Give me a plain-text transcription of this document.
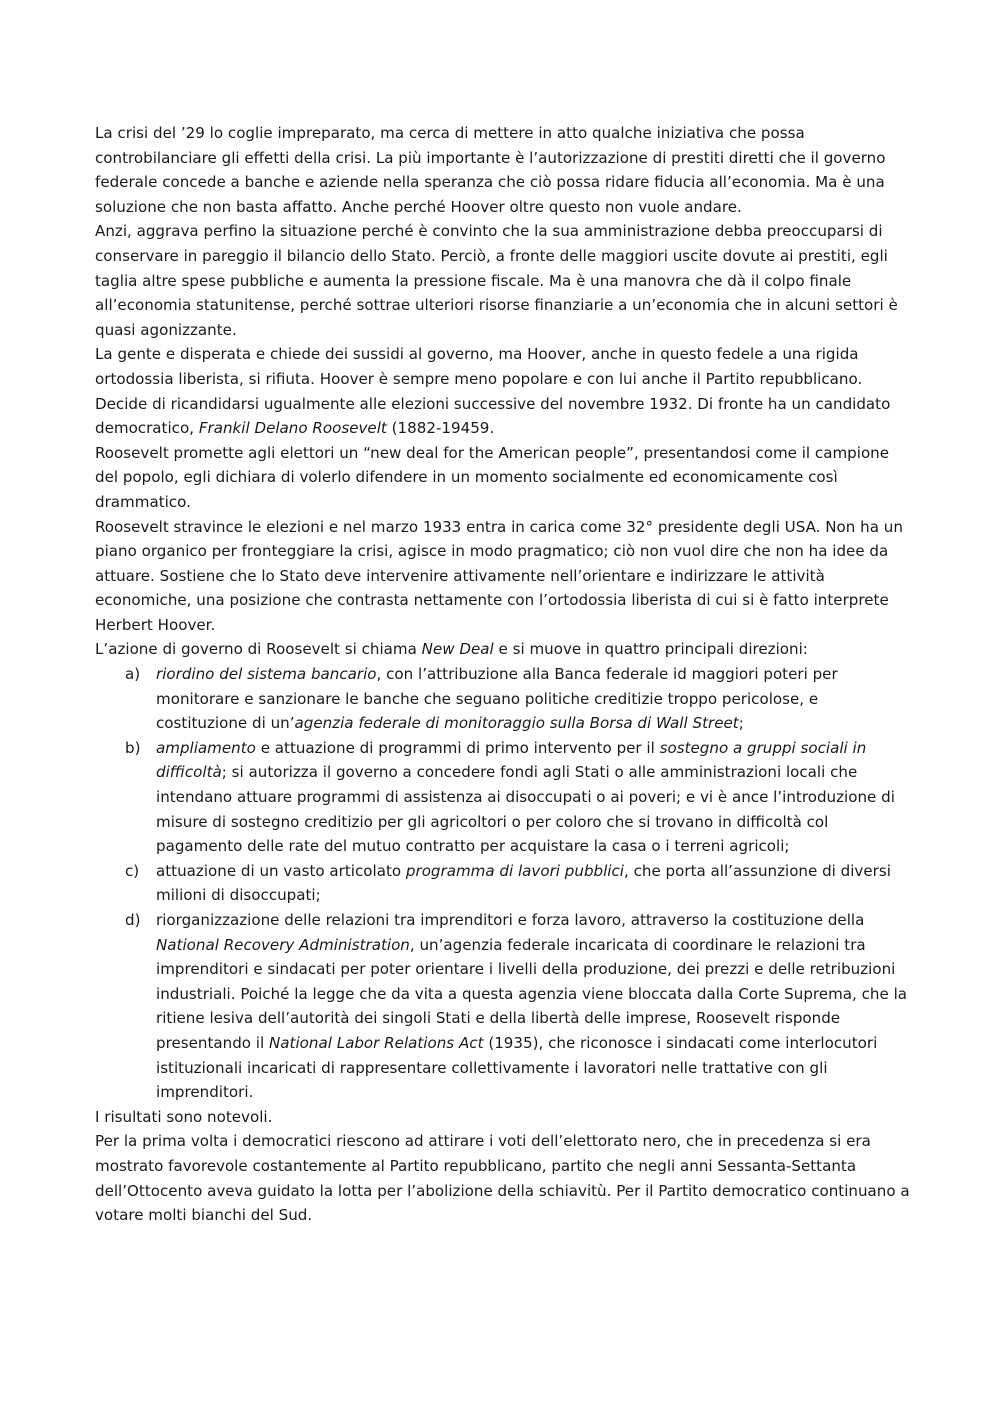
La crisi del ’29 lo coglie impreparato, ma cerca di mettere in atto qualche iniziativa che possa controbilanciare gli effetti della crisi. La più importante è l’autorizzazione di prestiti diretti che il governo federale concede a banche e aziende nella speranza che ciò possa ridare fiducia all’economia. Ma è una soluzione che non basta affatto. Anche perché Hoover oltre questo non vuole andare.

Anzi, aggrava perfino la situazione perché è convinto che la sua amministrazione debba preoccuparsi di conservare in pareggio il bilancio dello Stato. Perciò, a fronte delle maggiori uscite dovute ai prestiti, egli taglia altre spese pubbliche e aumenta la pressione fiscale. Ma è una manovra che dà il colpo finale all’economia statunitense, perché sottrae ulteriori risorse finanziarie a un’economia che in alcuni settori è quasi agonizzante.

La gente e disperata e chiede dei sussidi al governo, ma Hoover, anche in questo fedele a una rigida ortodossia liberista, si rifiuta. Hoover è sempre meno popolare e con lui anche il Partito repubblicano. Decide di ricandidarsi ugualmente alle elezioni successive del novembre 1932. Di fronte ha un candidato democratico, Frankil Delano Roosevelt (1882-19459.

Roosevelt promette agli elettori un “new deal for the American people”, presentandosi come il campione del popolo, egli dichiara di volerlo difendere in un momento socialmente ed economicamente così drammatico.

Roosevelt stravince le elezioni e nel marzo 1933 entra in carica come 32° presidente degli USA. Non ha un piano organico per fronteggiare la crisi, agisce in modo pragmatico; ciò non vuol dire che non ha idee da attuare. Sostiene che lo Stato deve intervenire attivamente nell’orientare e indirizzare le attività economiche, una posizione che contrasta nettamente con l’ortodossia liberista di cui si è fatto interprete Herbert Hoover.

L’azione di governo di Roosevelt si chiama New Deal e si muove in quattro principali direzioni:

a) riordino del sistema bancario, con l’attribuzione alla Banca federale id maggiori poteri per monitorare e sanzionare le banche che seguano politiche creditizie troppo pericolose, e costituzione di un’agenzia federale di monitoraggio sulla Borsa di Wall Street;
b) ampliamento e attuazione di programmi di primo intervento per il sostegno a gruppi sociali in difficoltà; si autorizza il governo a concedere fondi agli Stati o alle amministrazioni locali che intendano attuare programmi di assistenza ai disoccupati o ai poveri; e vi è ance l’introduzione di misure di sostegno creditizio per gli agricoltori o per coloro che si trovano in difficoltà col pagamento delle rate del mutuo contratto per acquistare la casa o i terreni agricoli;
c) attuazione di un vasto articolato programma di lavori pubblici, che porta all’assunzione di diversi milioni di disoccupati;
d) riorganizzazione delle relazioni tra imprenditori e forza lavoro, attraverso la costituzione della National Recovery Administration, un’agenzia federale incaricata di coordinare le relazioni tra imprenditori e sindacati per poter orientare i livelli della produzione, dei prezzi e delle retribuzioni industriali. Poiché la legge che da vita a questa agenzia viene bloccata dalla Corte Suprema, che la ritiene lesiva dell’autorità dei singoli Stati e della libertà delle imprese, Roosevelt risponde presentando il National Labor Relations Act (1935), che riconosce i sindacati come interlocutori istituzionali incaricati di rappresentare collettivamente i lavoratori nelle trattative con gli imprenditori.

I risultati sono notevoli.

Per la prima volta i democratici riescono ad attirare i voti dell’elettorato nero, che in precedenza si era mostrato favorevole costantemente al Partito repubblicano, partito che negli anni Sessanta-Settanta dell’Ottocento aveva guidato la lotta per l’abolizione della schiavitù. Per il Partito democratico continuano a votare molti bianchi del Sud.
